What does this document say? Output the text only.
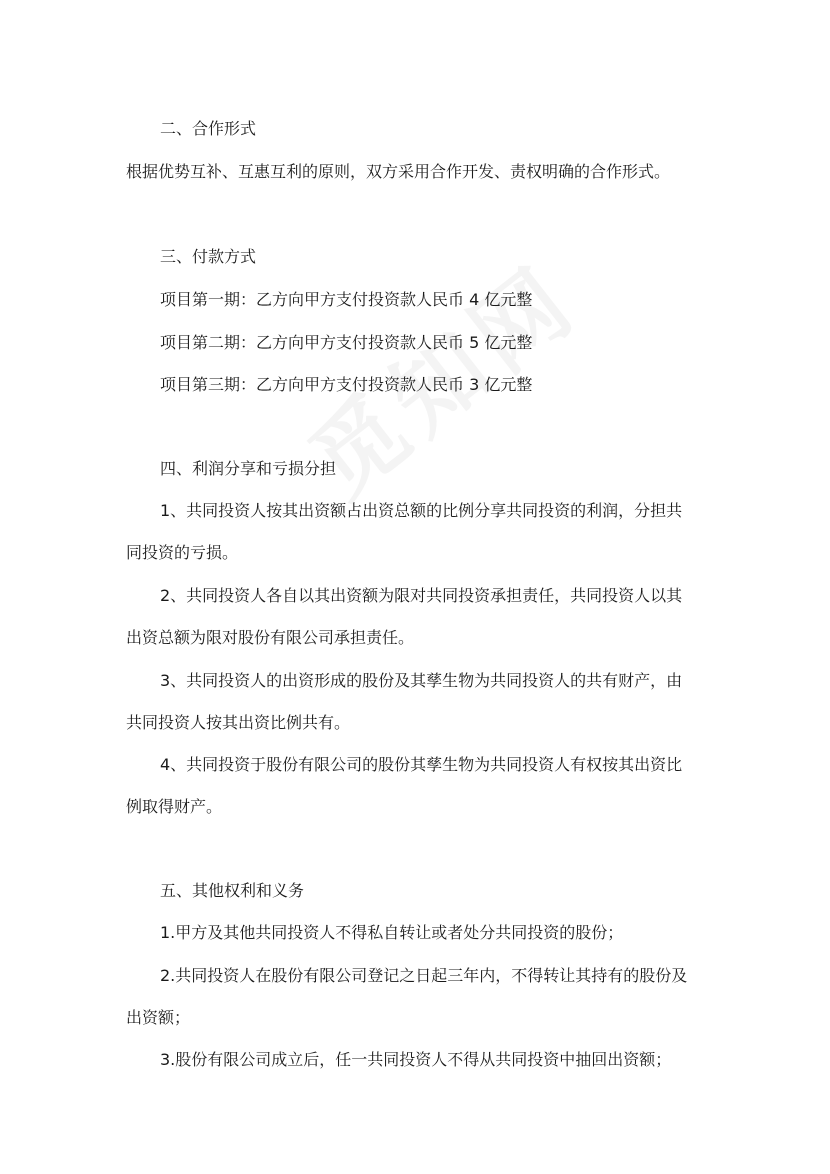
二、合作形式
根据优势互补、互惠互利的原则，双方采用合作开发、责权明确的合作形式。
三、付款方式
项目第一期：乙方向甲方支付投资款人民币 4 亿元整
项目第二期：乙方向甲方支付投资款人民币 5 亿元整
项目第三期：乙方向甲方支付投资款人民币 3 亿元整
四、利润分享和亏损分担
1、共同投资人按其出资额占出资总额的比例分享共同投资的利润，分担共
同投资的亏损。
2、共同投资人各自以其出资额为限对共同投资承担责任，共同投资人以其
出资总额为限对股份有限公司承担责任。
3、共同投资人的出资形成的股份及其孳生物为共同投资人的共有财产，由
共同投资人按其出资比例共有。
4、共同投资于股份有限公司的股份其孳生物为共同投资人有权按其出资比
例取得财产。
五、其他权利和义务
1.甲方及其他共同投资人不得私自转让或者处分共同投资的股份；
2.共同投资人在股份有限公司登记之日起三年内，不得转让其持有的股份及
出资额；
3.股份有限公司成立后，任一共同投资人不得从共同投资中抽回出资额；
